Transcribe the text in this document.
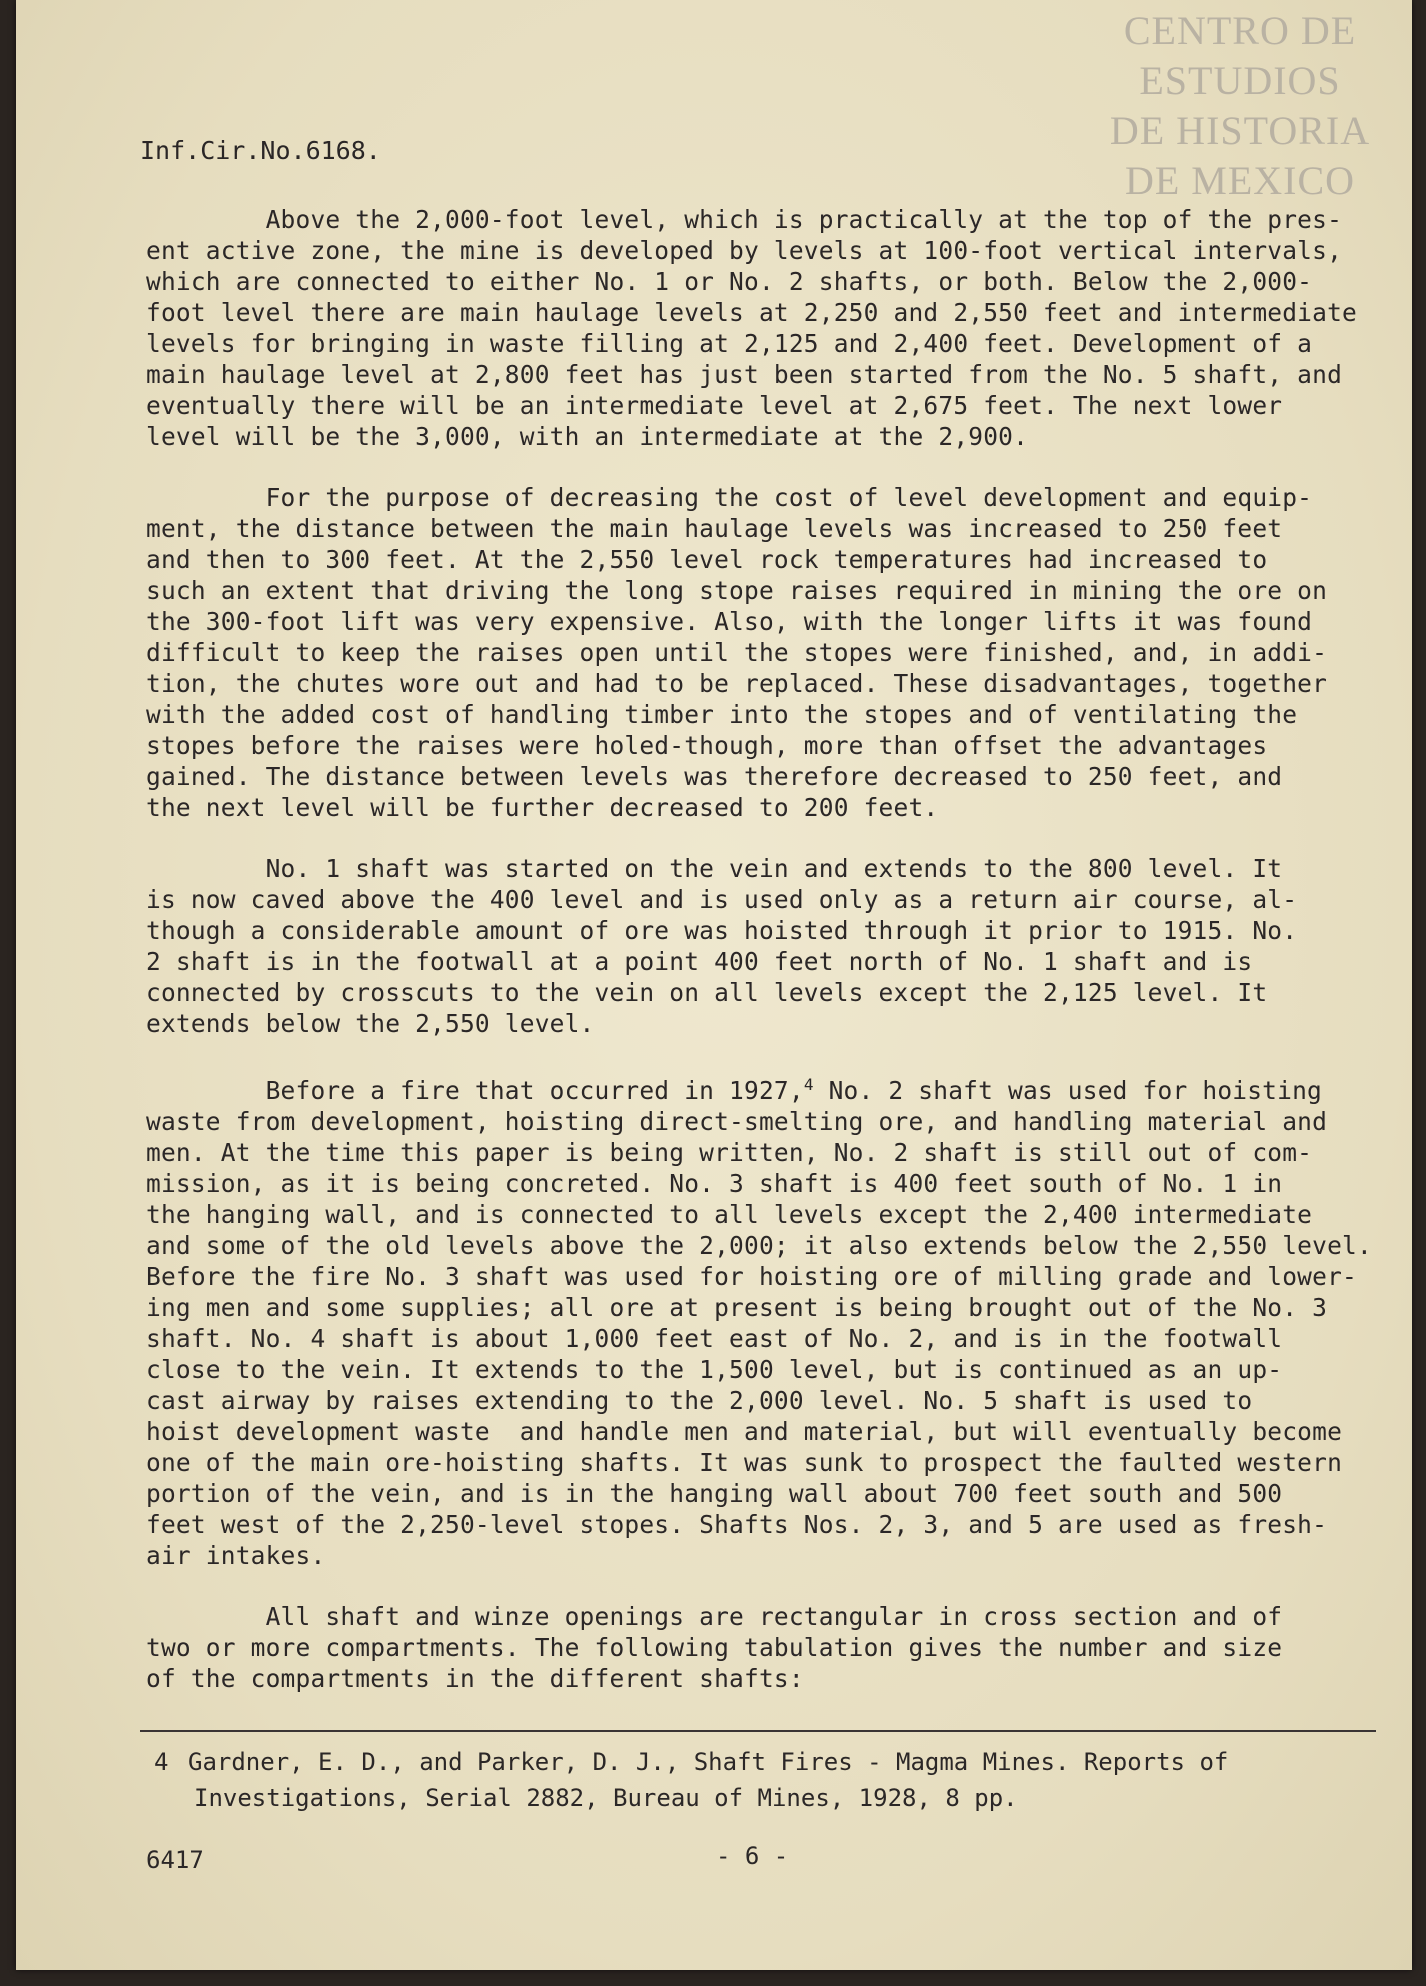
CENTRO DE
ESTUDIOS
DE HISTORIA
DE MEXICO
Inf.Cir.No.6168.

Above the 2,000-foot level, which is practically at the top of the pres-
ent active zone, the mine is developed by levels at 100-foot vertical intervals,
which are connected to either No. 1 or No. 2 shafts, or both. Below the 2,000-
foot level there are main haulage levels at 2,250 and 2,550 feet and intermediate
levels for bringing in waste filling at 2,125 and 2,400 feet. Development of a
main haulage level at 2,800 feet has just been started from the No. 5 shaft, and
eventually there will be an intermediate level at 2,675 feet. The next lower
level will be the 3,000, with an intermediate at the 2,900.

For the purpose of decreasing the cost of level development and equip-
ment, the distance between the main haulage levels was increased to 250 feet
and then to 300 feet. At the 2,550 level rock temperatures had increased to
such an extent that driving the long stope raises required in mining the ore on
the 300-foot lift was very expensive. Also, with the longer lifts it was found
difficult to keep the raises open until the stopes were finished, and, in addi-
tion, the chutes wore out and had to be replaced. These disadvantages, together
with the added cost of handling timber into the stopes and of ventilating the
stopes before the raises were holed-though, more than offset the advantages
gained. The distance between levels was therefore decreased to 250 feet, and
the next level will be further decreased to 200 feet.

No. 1 shaft was started on the vein and extends to the 800 level. It
is now caved above the 400 level and is used only as a return air course, al-
though a considerable amount of ore was hoisted through it prior to 1915. No.
2 shaft is in the footwall at a point 400 feet north of No. 1 shaft and is
connected by crosscuts to the vein on all levels except the 2,125 level. It
extends below the 2,550 level.

Before a fire that occurred in 1927,$^4$ No. 2 shaft was used for hoisting
waste from development, hoisting direct-smelting ore, and handling material and
men. At the time this paper is being written, No. 2 shaft is still out of com-
mission, as it is being concreted. No. 3 shaft is 400 feet south of No. 1 in
the hanging wall, and is connected to all levels except the 2,400 intermediate
and some of the old levels above the 2,000; it also extends below the 2,550 level.
Before the fire No. 3 shaft was used for hoisting ore of milling grade and lower-
ing men and some supplies; all ore at present is being brought out of the No. 3
shaft. No. 4 shaft is about 1,000 feet east of No. 2, and is in the footwall
close to the vein. It extends to the 1,500 level, but is continued as an up-
cast airway by raises extending to the 2,000 level. No. 5 shaft is used to
hoist development waste  and handle men and material, but will eventually become
one of the main ore-hoisting shafts. It was sunk to prospect the faulted western
portion of the vein, and is in the hanging wall about 700 feet south and 500
feet west of the 2,250-level stopes. Shafts Nos. 2, 3, and 5 are used as fresh-
air intakes.

All shaft and winze openings are rectangular in cross section and of
two or more compartments. The following tabulation gives the number and size
of the compartments in the different shafts:

4 Gardner, E. D., and Parker, D. J., Shaft Fires - Magma Mines. Reports of
Investigations, Serial 2882, Bureau of Mines, 1928, 8 pp.
6417	- 6 -
